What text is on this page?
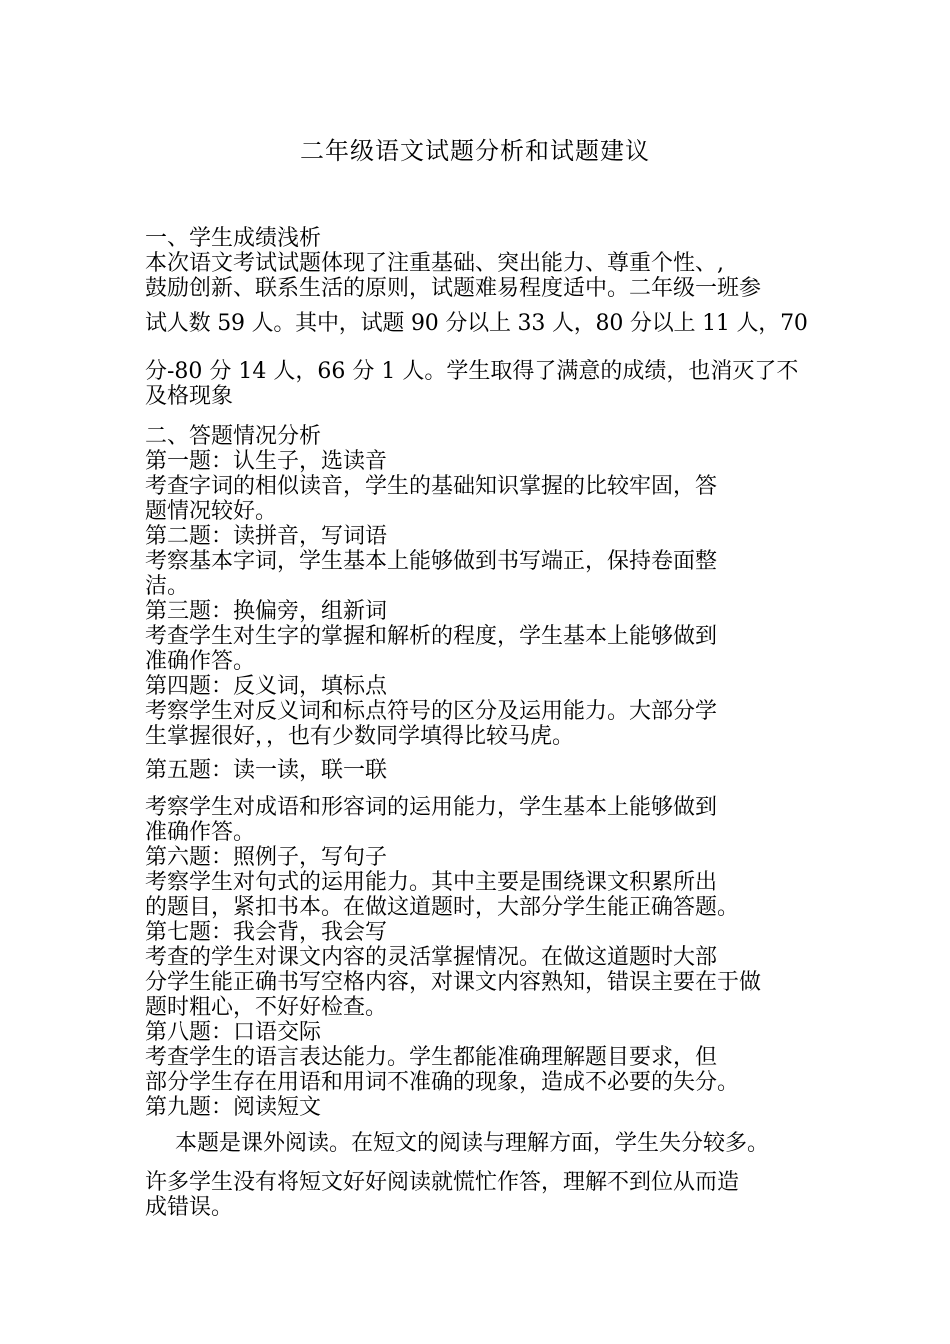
二年级语文试题分析和试题建议

一、学生成绩浅析

本次语文考试试题体现了注重基础、突出能力、尊重个性、,

鼓励创新、联系生活的原则，试题难易程度适中。二年级一班参

试人数 59 人。其中，试题 90 分以上 33 人，80 分以上 11 人，70

分-80 分 14 人，66 分 1 人。学生取得了满意的成绩，也消灭了不

及格现象

二、答题情况分析

第一题：认生子，选读音

考查字词的相似读音，学生的基础知识掌握的比较牢固，答

题情况较好。

第二题：读拼音，写词语

考察基本字词，学生基本上能够做到书写端正，保持卷面整

洁。

第三题：换偏旁，组新词

考查学生对生字的掌握和解析的程度，学生基本上能够做到

准确作答。

第四题：反义词，填标点

考察学生对反义词和标点符号的区分及运用能力。大部分学

生掌握很好，，也有少数同学填得比较马虎。

第五题：读一读，联一联

考察学生对成语和形容词的运用能力，学生基本上能够做到

准确作答。

第六题：照例子，写句子

考察学生对句式的运用能力。其中主要是围绕课文积累所出

的题目，紧扣书本。在做这道题时，大部分学生能正确答题。

第七题：我会背，我会写

考查的学生对课文内容的灵活掌握情况。在做这道题时大部

分学生能正确书写空格内容，对课文内容熟知，错误主要在于做

题时粗心，不好好检查。

第八题：口语交际

考查学生的语言表达能力。学生都能准确理解题目要求，但

部分学生存在用语和用词不准确的现象，造成不必要的失分。

第九题：阅读短文

本题是课外阅读。在短文的阅读与理解方面，学生失分较多。

许多学生没有将短文好好阅读就慌忙作答，理解不到位从而造

成错误。
